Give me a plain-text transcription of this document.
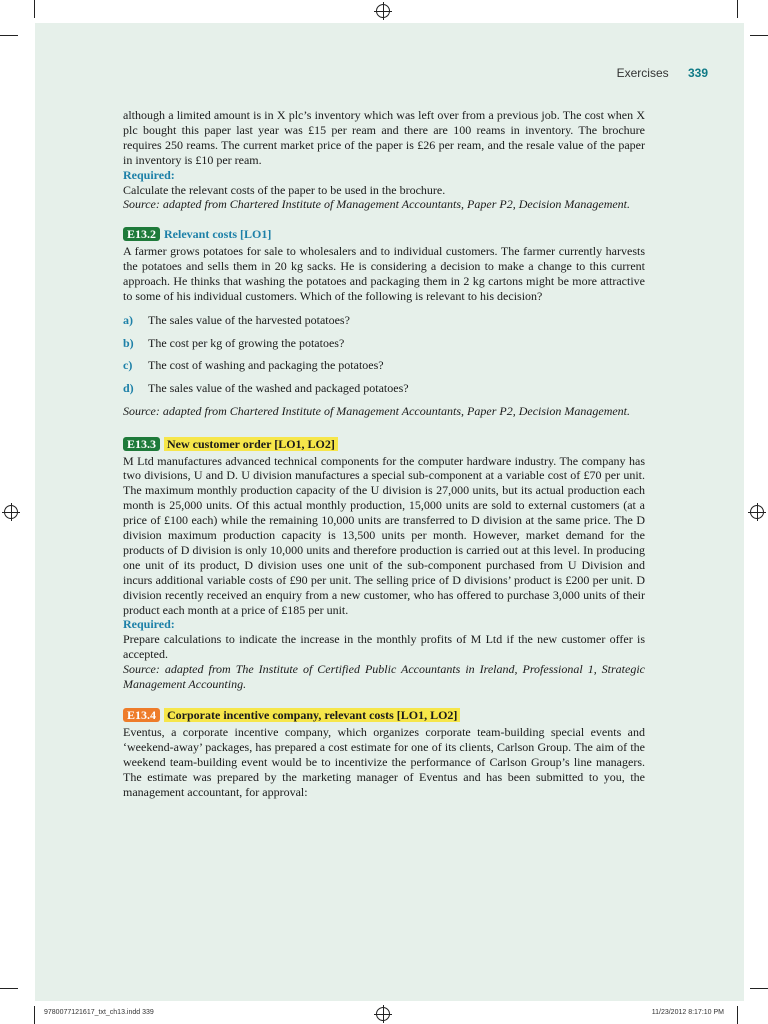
Exercises 339

although a limited amount is in X plc’s inventory which was left over from a previous job. The cost when X plc bought this paper last year was £15 per ream and there are 100 reams in inventory. The brochure requires 250 reams. The current market price of the paper is £26 per ream, and the resale value of the paper in inventory is £10 per ream.

Required:

Calculate the relevant costs of the paper to be used in the brochure.

Source: adapted from Chartered Institute of Management Accountants, Paper P2, Decision Management.

E13.2 Relevant costs [LO1]

A farmer grows potatoes for sale to wholesalers and to individual customers. The farmer currently harvests the potatoes and sells them in 20 kg sacks. He is considering a decision to make a change to this current approach. He thinks that washing the potatoes and packaging them in 2 kg cartons might be more attractive to some of his individual customers. Which of the following is relevant to his decision?

a)	The sales value of the harvested potatoes?
b)	The cost per kg of growing the potatoes?
c)	The cost of washing and packaging the potatoes?
d)	The sales value of the washed and packaged potatoes?

Source: adapted from Chartered Institute of Management Accountants, Paper P2, Decision Management.

E13.3 New customer order [LO1, LO2]

M Ltd manufactures advanced technical components for the computer hardware industry. The company has two divisions, U and D. U division manufactures a special sub-component at a variable cost of £70 per unit. The maximum monthly production capacity of the U division is 27,000 units, but its actual production each month is 25,000 units. Of this actual monthly production, 15,000 units are sold to external customers (at a price of £100 each) while the remaining 10,000 units are transferred to D division at the same price. The D division maximum production capacity is 13,500 units per month. However, market demand for the products of D division is only 10,000 units and therefore production is carried out at this level. In producing one unit of its product, D division uses one unit of the sub-component purchased from U Division and incurs additional variable costs of £90 per unit. The selling price of D divisions’ product is £200 per unit. D division recently received an enquiry from a new customer, who has offered to purchase 3,000 units of their product each month at a price of £185 per unit.

Required:

Prepare calculations to indicate the increase in the monthly profits of M Ltd if the new customer offer is accepted.

Source: adapted from The Institute of Certified Public Accountants in Ireland, Professional 1, Strategic Management Accounting.

E13.4 Corporate incentive company, relevant costs [LO1, LO2]

Eventus, a corporate incentive company, which organizes corporate team-building special events and ‘weekend-away’ packages, has prepared a cost estimate for one of its clients, Carlson Group. The aim of the weekend team-building event would be to incentivize the performance of Carlson Group’s line managers. The estimate was prepared by the marketing manager of Eventus and has been submitted to you, the management accountant, for approval:

9780077121617_txt_ch13.indd 339	11/23/2012 8:17:10 PM
